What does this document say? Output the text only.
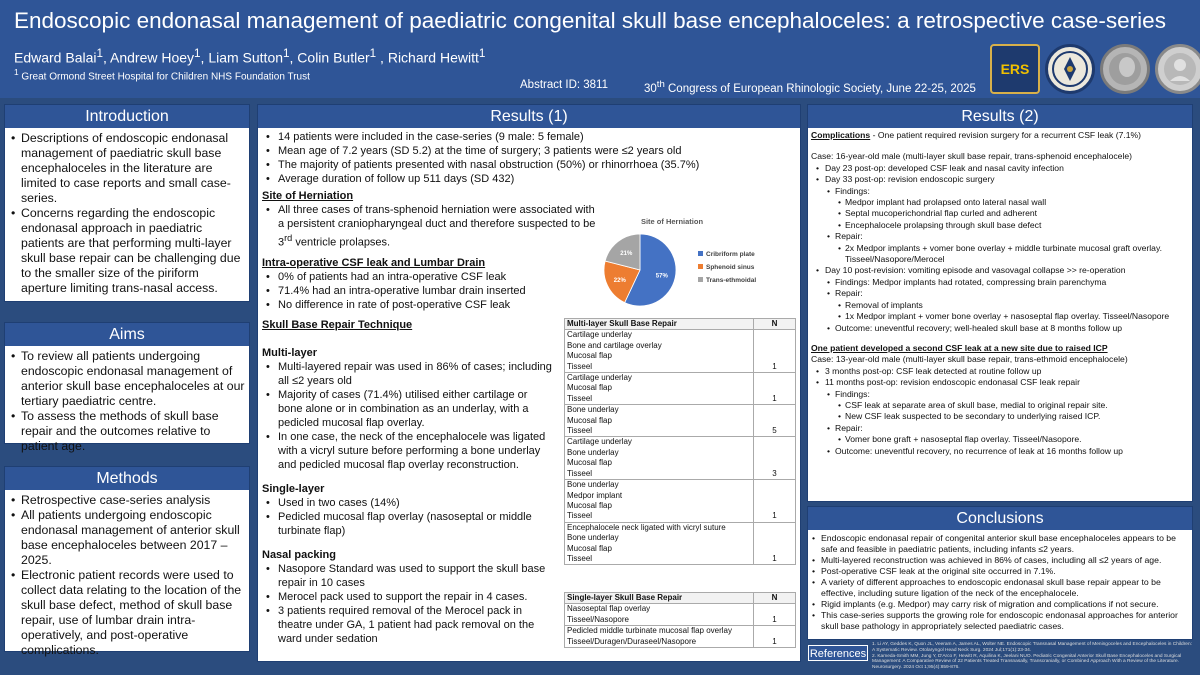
Endoscopic endonasal management of paediatric congenital skull base encephaloceles: a retrospective case-series
Edward Balai$^1$, Andrew Hoey$^1$, Liam Sutton$^1$, Colin Butler$^1$ , Richard Hewitt$^1$
$^1$ Great Ormond Street Hospital for Children NHS Foundation Trust
Abstract ID: 3811	30th Congress of European Rhinologic Society, June 22-25, 2025
ERS
Introduction
• Descriptions of endoscopic endonasal management of paediatric skull base encephaloceles in the literature are limited to case reports and small case-series.
• Concerns regarding the endoscopic endonasal approach in paediatric patients are that performing multi-layer skull base repair can be challenging due to the smaller size of the piriform aperture limiting trans-nasal access.
Aims
• To review all patients undergoing endoscopic endonasal management of anterior skull base encephaloceles at our tertiary paediatric centre.
• To assess the methods of skull base repair and the outcomes relative to patient age.
Methods
• Retrospective case-series analysis
• All patients undergoing endoscopic endonasal management of anterior skull base encephaloceles between 2017 – 2025.
• Electronic patient records were used to collect data relating to the location of the skull base defect, method of skull base repair, use of lumbar drain intra-operatively, and post-operative complications.
Results (1)
• 14 patients were included in the case-series (9 male: 5 female)
• Mean age of 7.2 years (SD 5.2) at the time of surgery; 3 patients were ≤2 years old
• The majority of patients presented with nasal obstruction (50%) or rhinorrhoea (35.7%)
• Average duration of follow up 511 days (SD 432)
Site of Herniation
• All three cases of trans-sphenoid herniation were associated with a persistent craniopharyngeal duct and therefore suspected to be 3rd ventricle prolapses.
Intra-operative CSF leak and Lumbar Drain
• 0% of patients had an intra-operative CSF leak
• 71.4% had an intra-operative lumbar drain inserted
• No difference in rate of post-operative CSF leak
Skull Base Repair Technique
Multi-layer
• Multi-layered repair was used in 86% of cases; including all ≤2 years old
• Majority of cases (71.4%) utilised either cartilage or bone alone or in combination as an underlay, with a pedicled mucosal flap overlay.
• In one case, the neck of the encephalocele was ligated with a vicryl suture before performing a bone underlay and pedicled mucosal flap overlay reconstruction.
Single-layer
• Used in two cases (14%)
• Pedicled mucosal flap overlay (nasoseptal or middle turbinate flap)
Nasal packing
• Nasopore Standard was used to support the skull base repair in 10 cases
• Merocel pack used to support the repair in 4 cases.
• 3 patients required removal of the Merocel pack in theatre under GA, 1 patient had pack removal on the ward under sedation
Site of Herniation
57%
22%
21%	Cribriform plate
Sphenoid sinus
Trans-ethmoidal
Multi-layer Skull Base Repair	N

Cartilage underlay
Bone and cartilage overlay
Mucosal flap
Tisseel	1

Cartilage underlay
Mucosal flap
Tisseel	1

Bone underlay
Mucosal flap
Tisseel	5

Cartilage underlay
Bone underlay
Mucosal flap
Tisseel	3

Bone underlay
Medpor implant
Mucosal flap
Tisseel	1

Encephalocele neck ligated with vicryl suture
Bone underlay
Mucosal flap
Tisseel	1
Single-layer Skull Base Repair	N

Nasoseptal flap overlay
Tisseel/Nasopore	1

Pedicled middle turbinate mucosal flap overlay
Tisseel/Duragen/Duraseel/Nasopore	1
Results (2)
Complications - One patient required revision surgery for a recurrent CSF leak (7.1%)
Case: 16-year-old male (multi-layer skull base repair, trans-sphenoid encephalocele)
• Day 23 post-op: developed CSF leak and nasal cavity infection
• Day 33 post-op: revision endoscopic surgery
• Findings:
• Medpor implant had prolapsed onto lateral nasal wall
• Septal mucoperichondrial flap curled and adherent
• Encephalocele prolapsing through skull base defect
• Repair:
• 2x Medpor implants + vomer bone overlay + middle turbinate mucosal graft overlay. Tisseel/Nasopore/Merocel
• Day 10 post-revision: vomiting episode and vasovagal collapse >> re-operation
• Findings: Medpor implants had rotated, compressing brain parenchyma
• Repair:
• Removal of implants
• 1x Medpor implant + vomer bone overlay + nasoseptal flap overlay. Tisseel/Nasopore
• Outcome: uneventful recovery; well-healed skull base at 8 months follow up
One patient developed a second CSF leak at a new site due to raised ICP
Case: 13-year-old male (multi-layer skull base repair, trans-ethmoid encephalocele)
• 3 months post-op: CSF leak detected at routine follow up
• 11 months post-op: revision endoscopic endonasal CSF leak repair
• Findings:
• CSF leak at separate area of skull base, medial to original repair site.
• New CSF leak suspected to be secondary to underlying raised ICP.
• Repair:
• Vomer bone graft + nasoseptal flap overlay. Tisseel/Nasopore.
• Outcome: uneventful recovery, no recurrence of leak at 16 months follow up
Conclusions
• Endoscopic endonasal repair of congenital anterior skull base encephaloceles appears to be safe and feasible in paediatric patients, including infants ≤2 years.
• Multi-layered reconstruction was achieved in 86% of cases, including all ≤2 years of age.
• Post-operative CSF leak at the original site occurred in 7.1%.
• A variety of different approaches to endoscopic endonasal skull base repair appear to be effective, including suture ligation of the neck of the encephalocele.
• Rigid implants (e.g. Medpor) may carry risk of migration and complications if not secure.
• This case-series supports the growing role for endoscopic endonasal approaches for anterior skull base pathology in appropriately selected paediatric cases.
References
1. Li AY, Geddes K, Quon JL, Veeram A, James AL, Wolter NE. Endoscopic Transnasal Management of Meningoceles and Encephaloceles in Children: A Systematic Review. Otolaryngol Head Neck Surg. 2024 Jul;171(1):23-34.
2. Kameda-Smith MM, Jung Y, D'Arco F, Hewitt R, Aquilina K, Jeelani NUO. Pediatric Congenital Anterior Skull Base Encephaloceles and Surgical Management: A Comparative Review of 22 Patients Treated Transnasally, Transcranially, or Combined Approach With a Review of the Literature. Neurosurgery. 2024 Oct 1;95(4):859-876.
